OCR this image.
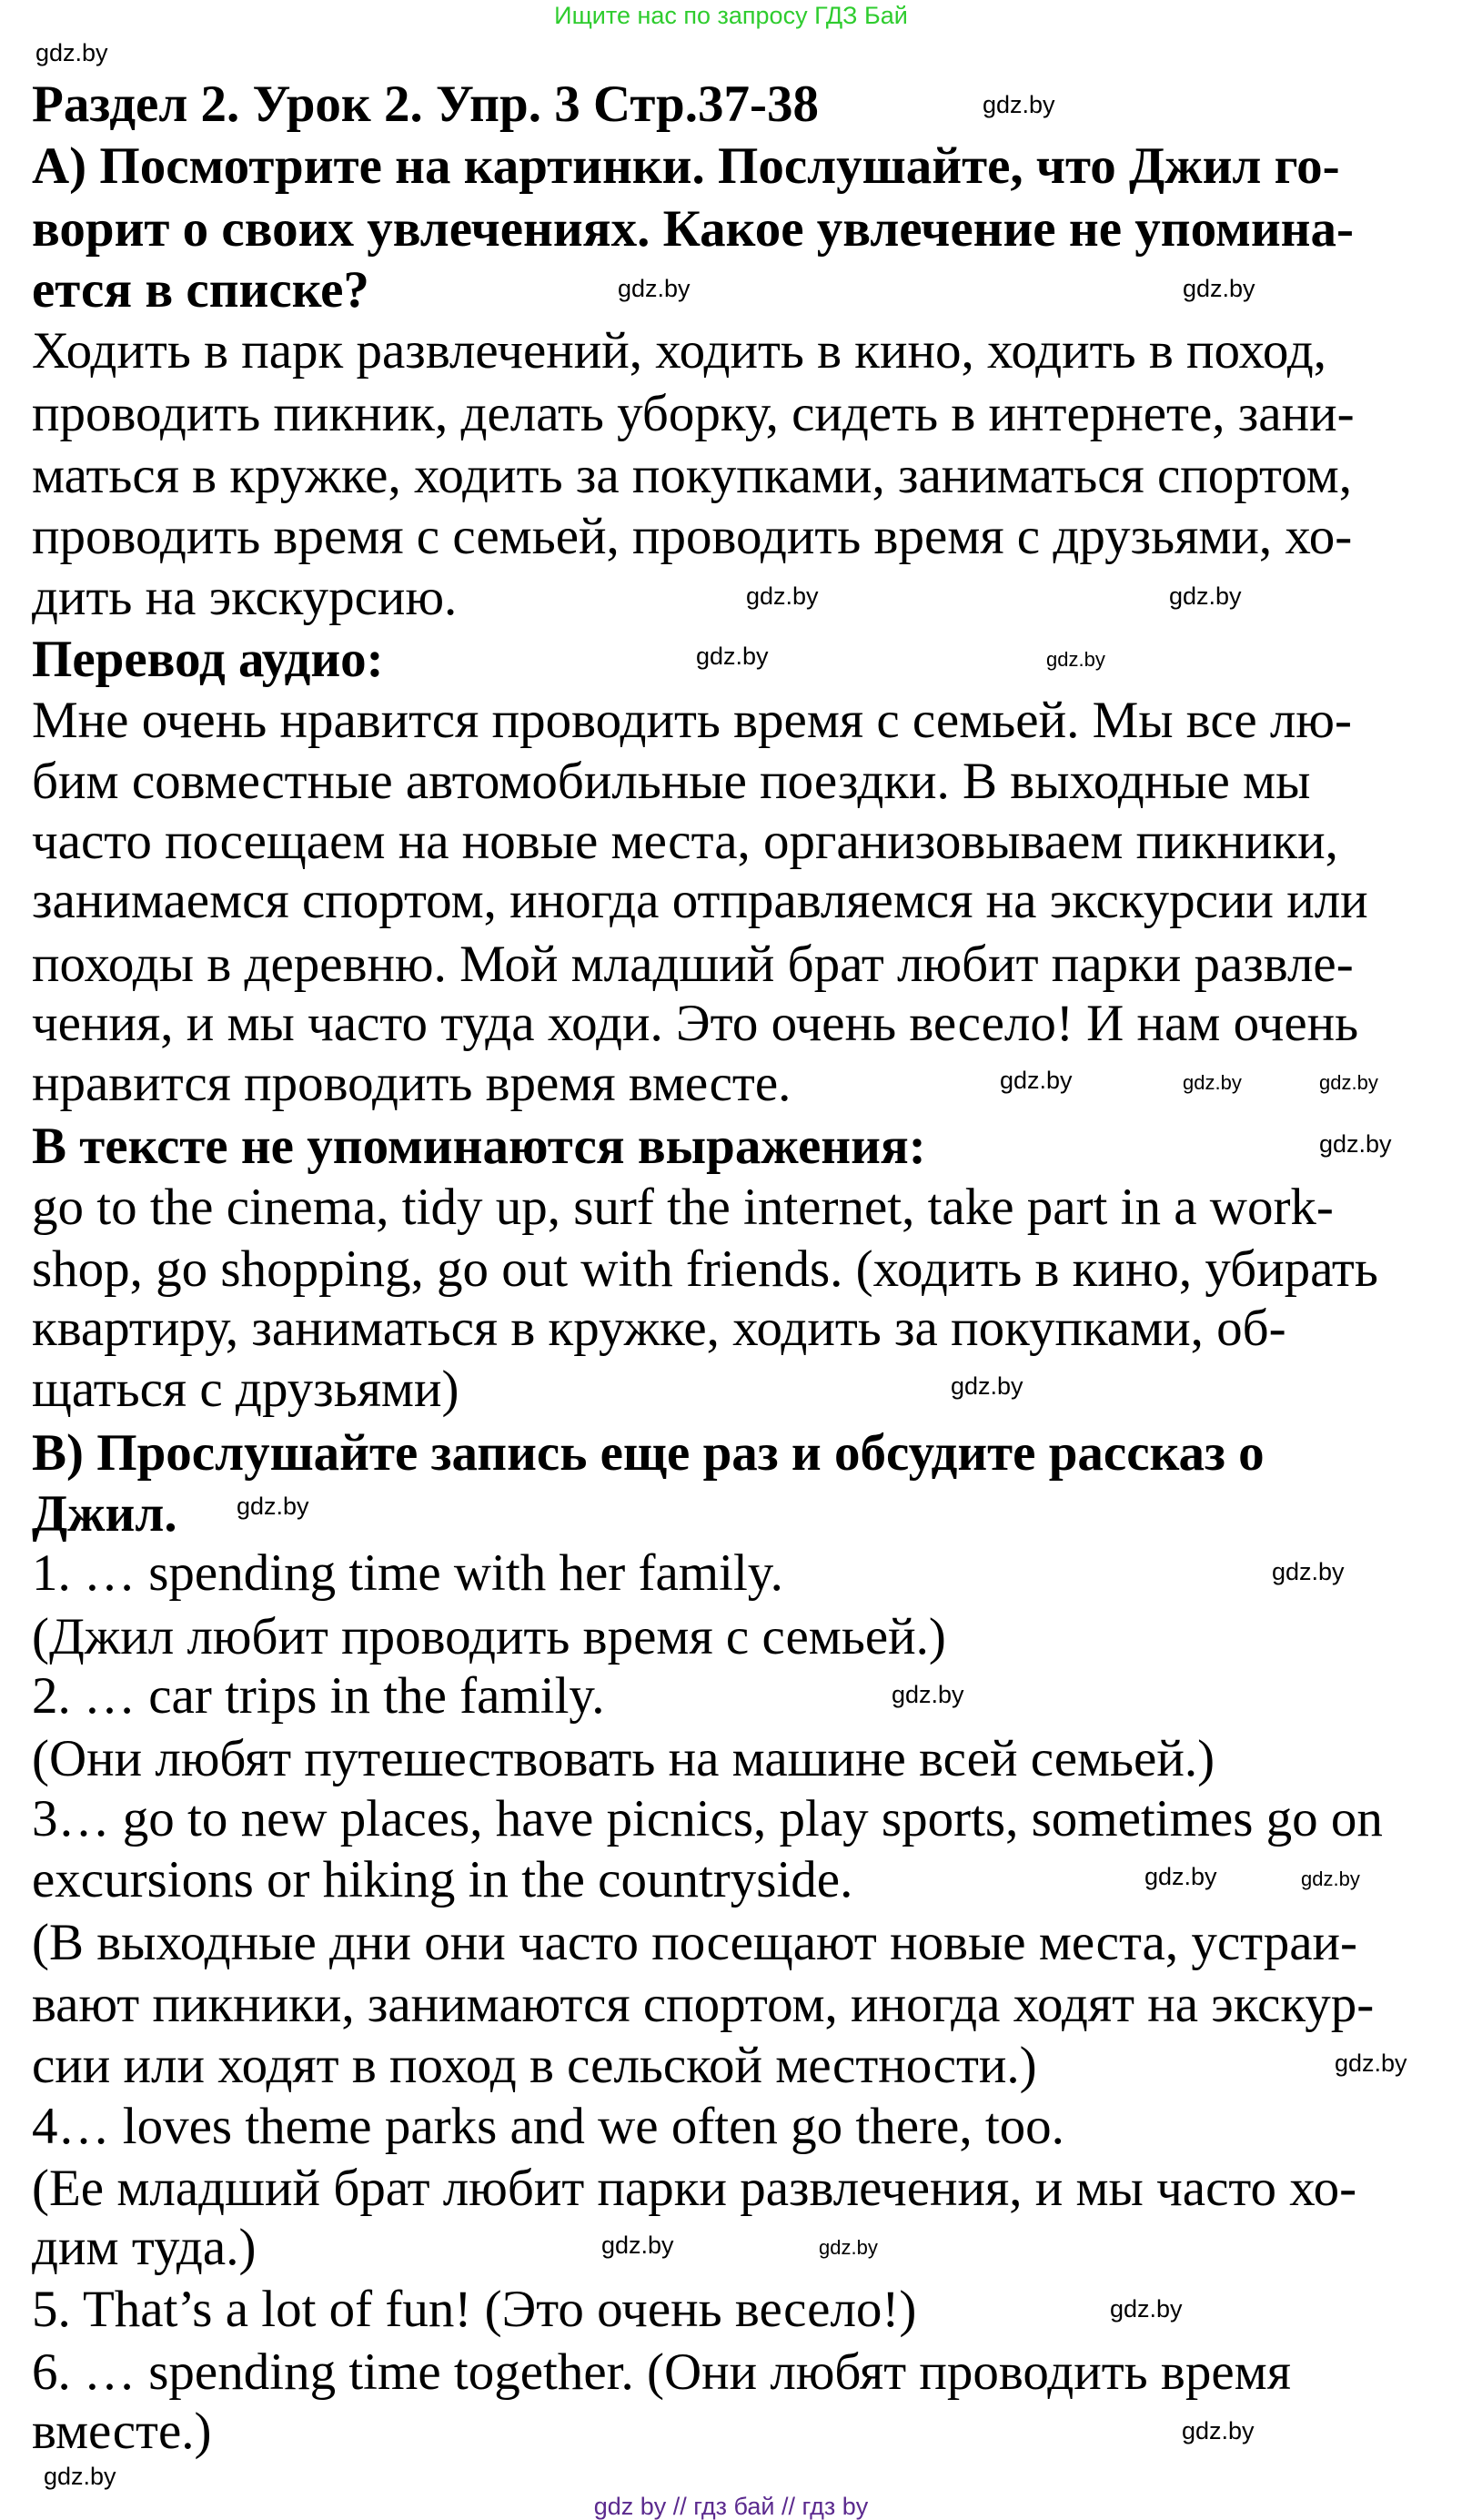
Ищите нас по запросу ГДЗ Бай
Раздел 2. Урок 2. Упр. 3 Стр.37-38
А) Посмотрите на картинки. Послушайте, что Джил го-
ворит о своих увлечениях. Какое увлечение не упомина-
ется в списке?
Ходить в парк развлечений, ходить в кино, ходить в поход,
проводить пикник, делать уборку, сидеть в интернете, зани-
маться в кружке, ходить за покупками, заниматься спортом,
проводить время с семьей, проводить время с друзьями, хо-
дить на экскурсию.
Перевод аудио:
Мне очень нравится проводить время с семьей. Мы все лю-
бим совместные автомобильные поездки. В выходные мы
часто посещаем на новые места, организовываем пикники,
занимаемся спортом, иногда отправляемся на экскурсии или
походы в деревню. Мой младший брат любит парки развле-
чения, и мы часто туда ходи. Это очень весело! И нам очень
нравится проводить время вместе.
В тексте не упоминаются выражения:
go to the cinema, tidy up, surf the internet, take part in a work-
shop, go shopping, go out with friends. (ходить в кино, убирать
квартиру, заниматься в кружке, ходить за покупками, об-
щаться с друзьями)
B) Прослушайте запись еще раз и обсудите рассказ о
Джил.
1. … spending time with her family.
(Джил любит проводить время с семьей.)
2. … car trips in the family.
(Они любят путешествовать на машине всей семьей.)
3… go to new places, have picnics, play sports, sometimes go on
excursions or hiking in the countryside.
(В выходные дни они часто посещают новые места, устраи-
вают пикники, занимаются спортом, иногда ходят на экскур-
сии или ходят в поход в сельской местности.)
4… loves theme parks and we often go there, too.
(Ее младший брат любит парки развлечения, и мы часто хо-
дим туда.)
5. That’s a lot of fun! (Это очень весело!)
6. … spending time together. (Они любят проводить время
вместе.)
gdz.by
gdz.by
gdz.by
gdz.by
gdz.by
gdz.by	gdz.by
gdz.by
gdz.by	gdz.by
gdz.by
gdz.by
gdz.by
gdz.by
gdz.by
gdz.by
gdz.by
gdz.by
gdz.by
gdz.by
gdz.by
gdz.by
gdz.by
gdz.by
gdz by // гдз бай // гдз by
